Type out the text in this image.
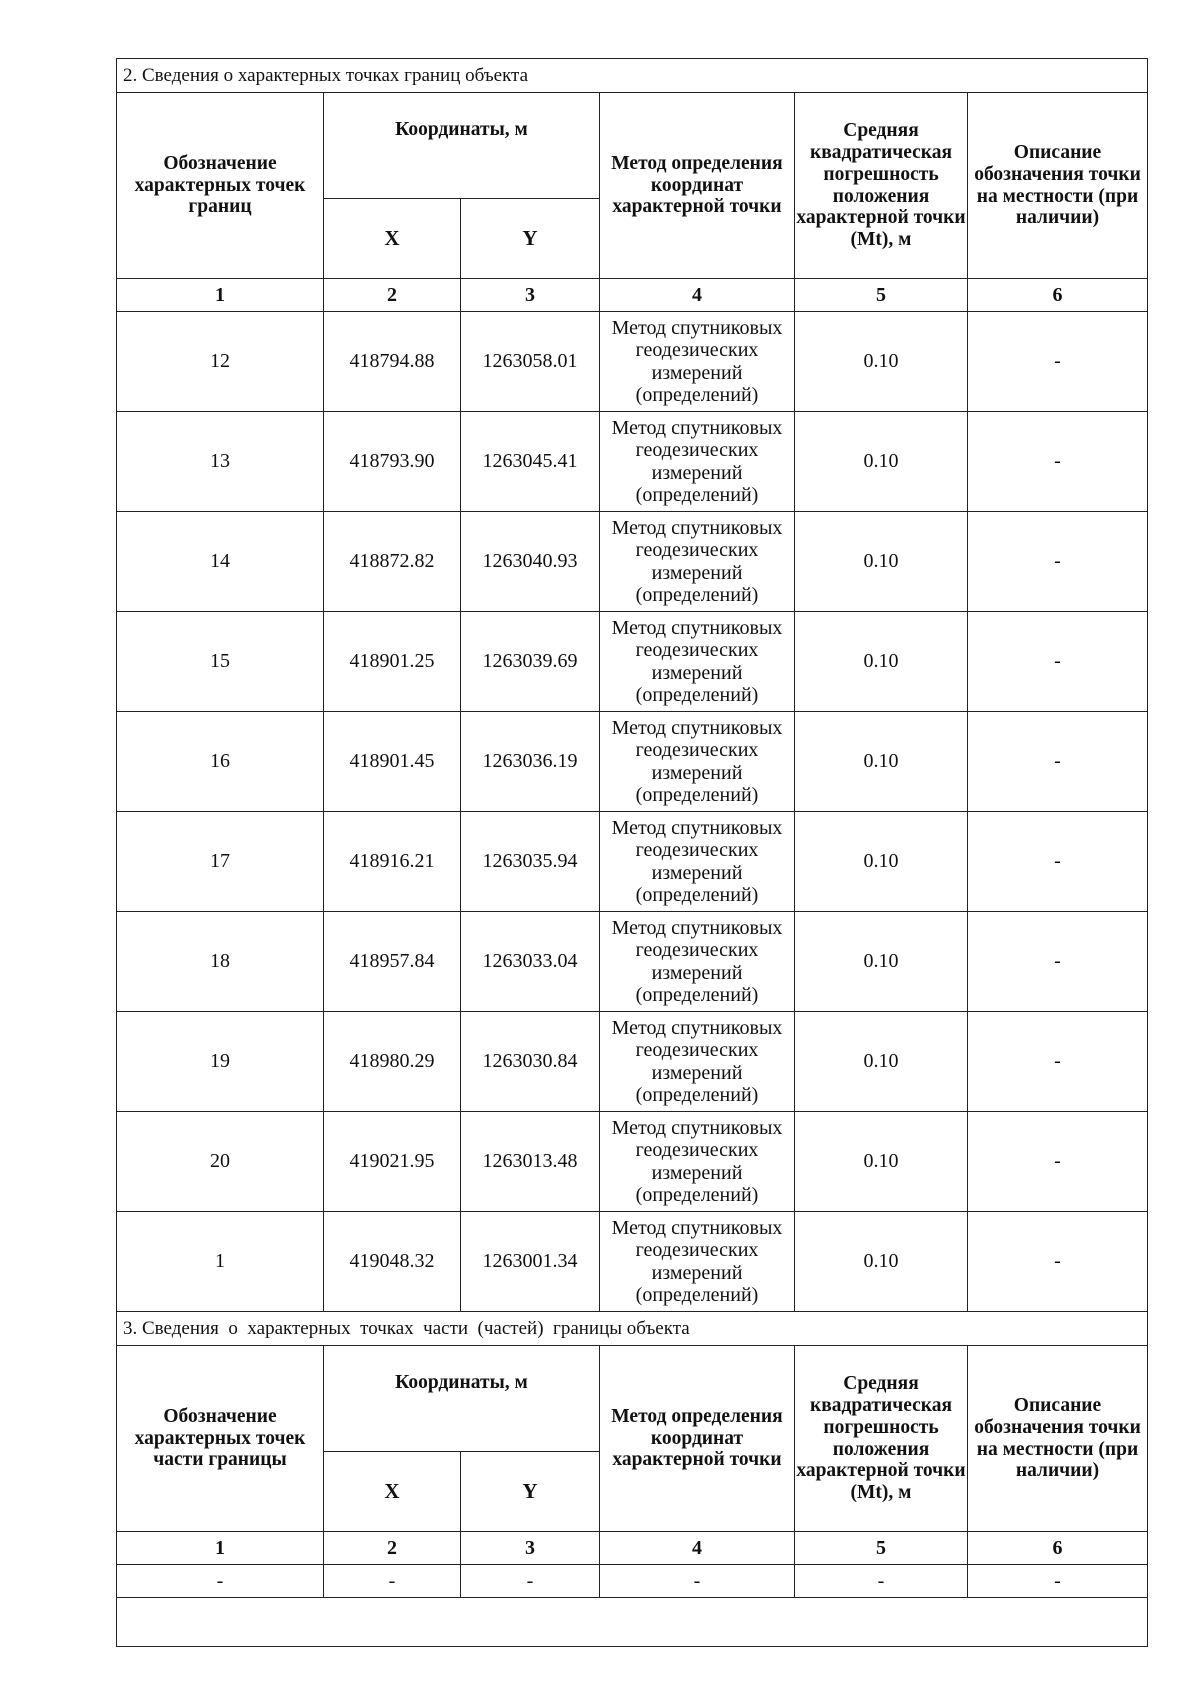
2. Сведения о характерных точках границ объекта					
Обозначение характерных точек границ	Координаты, м		Метод определения координат характерной точки	Средняя квадратическая погрешность положения характерной точки (Mt), м	Описание обозначения точки на местности (при наличии)
	X	Y			
1	2	3	4	5	6
12	418794.88	1263058.01	Метод спутниковых геодезических измерений (определений)	0.10	-
13	418793.90	1263045.41	Метод спутниковых геодезических измерений (определений)	0.10	-
14	418872.82	1263040.93	Метод спутниковых геодезических измерений (определений)	0.10	-
15	418901.25	1263039.69	Метод спутниковых геодезических измерений (определений)	0.10	-
16	418901.45	1263036.19	Метод спутниковых геодезических измерений (определений)	0.10	-
17	418916.21	1263035.94	Метод спутниковых геодезических измерений (определений)	0.10	-
18	418957.84	1263033.04	Метод спутниковых геодезических измерений (определений)	0.10	-
19	418980.29	1263030.84	Метод спутниковых геодезических измерений (определений)	0.10	-
20	419021.95	1263013.48	Метод спутниковых геодезических измерений (определений)	0.10	-
1	419048.32	1263001.34	Метод спутниковых геодезических измерений (определений)	0.10	-
3. Сведения  о  характерных  точках  части  (частей)  границы объекта					
Обозначение характерных точек части границы	Координаты, м		Метод определения координат характерной точки	Средняя квадратическая погрешность положения характерной точки (Mt), м	Описание обозначения точки на местности (при наличии)
	X	Y			
1	2	3	4	5	6
-	-	-	-	-	-
